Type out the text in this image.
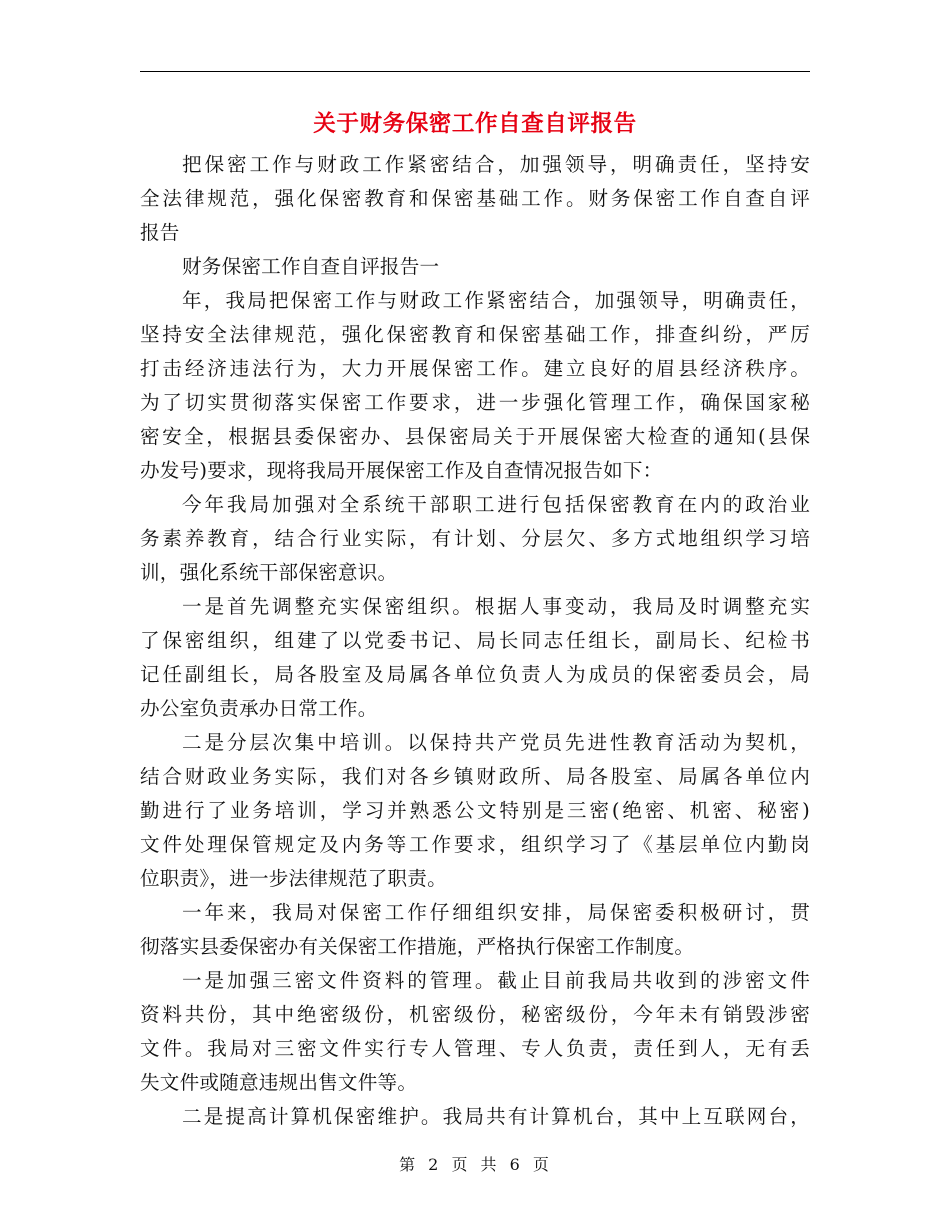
关于财务保密工作自查自评报告
把保密工作与财政工作紧密结合，加强领导，明确责任，坚持安
全法律规范，强化保密教育和保密基础工作。财务保密工作自查自评
报告
财务保密工作自查自评报告一
年，我局把保密工作与财政工作紧密结合，加强领导，明确责任，
坚持安全法律规范，强化保密教育和保密基础工作，排查纠纷，严厉
打击经济违法行为，大力开展保密工作。建立良好的眉县经济秩序。
为了切实贯彻落实保密工作要求，进一步强化管理工作，确保国家秘
密安全，根据县委保密办、县保密局关于开展保密大检查的通知(县保
办发号)要求，现将我局开展保密工作及自查情况报告如下：
今年我局加强对全系统干部职工进行包括保密教育在内的政治业
务素养教育，结合行业实际，有计划、分层欠、多方式地组织学习培
训，强化系统干部保密意识。
一是首先调整充实保密组织。根据人事变动，我局及时调整充实
了保密组织，组建了以党委书记、局长同志任组长，副局长、纪检书
记任副组长，局各股室及局属各单位负责人为成员的保密委员会，局
办公室负责承办日常工作。
二是分层次集中培训。以保持共产党员先进性教育活动为契机，
结合财政业务实际，我们对各乡镇财政所、局各股室、局属各单位内
勤进行了业务培训，学习并熟悉公文特别是三密(绝密、机密、秘密)
文件处理保管规定及内务等工作要求，组织学习了《基层单位内勤岗
位职责》，进一步法律规范了职责。
一年来，我局对保密工作仔细组织安排，局保密委积极研讨，贯
彻落实县委保密办有关保密工作措施，严格执行保密工作制度。
一是加强三密文件资料的管理。截止目前我局共收到的涉密文件
资料共份，其中绝密级份，机密级份，秘密级份，今年未有销毁涉密
文件。我局对三密文件实行专人管理、专人负责，责任到人，无有丢
失文件或随意违规出售文件等。
二是提高计算机保密维护。我局共有计算机台，其中上互联网台，
第 2 页 共 6 页
